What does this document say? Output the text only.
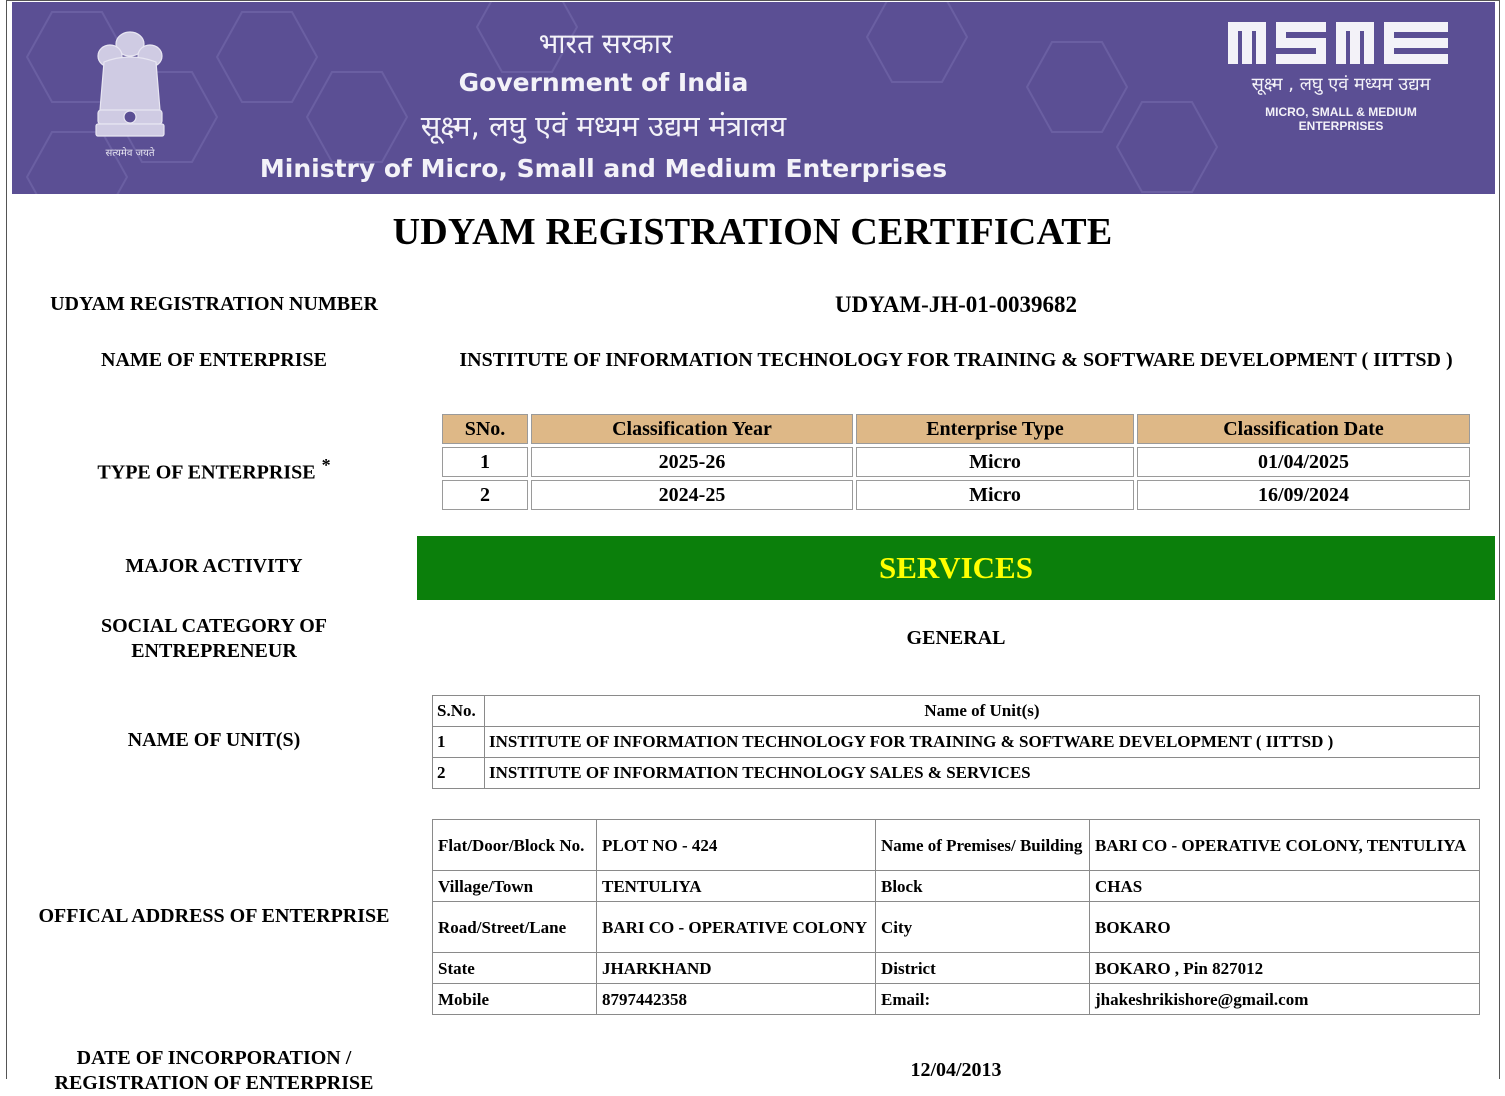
सत्यमेव जयते
भारत सरकार
Government of India
सूक्ष्म, लघु एवं मध्यम उद्यम मंत्रालय
Ministry of Micro, Small and Medium Enterprises
सूक्ष्म , लघु एवं मध्यम उद्यम
MICRO, SMALL & MEDIUM ENTERPRISES
UDYAM REGISTRATION CERTIFICATE
UDYAM REGISTRATION NUMBER	UDYAM-JH-01-0039682
NAME OF ENTERPRISE	INSTITUTE OF INFORMATION TECHNOLOGY FOR TRAINING & SOFTWARE DEVELOPMENT ( IITTSD )
TYPE OF ENTERPRISE *
SNo.	Classification Year	Enterprise Type	Classification Date
1	2025-26	Micro	01/04/2025
2	2024-25	Micro	16/09/2024
MAJOR ACTIVITY	SERVICES
SOCIAL CATEGORY OF
ENTREPRENEUR
GENERAL
NAME OF UNIT(S)
S.No.	Name of Unit(s)
1	INSTITUTE OF INFORMATION TECHNOLOGY FOR TRAINING & SOFTWARE DEVELOPMENT ( IITTSD )
2	INSTITUTE OF INFORMATION TECHNOLOGY SALES & SERVICES
OFFICAL ADDRESS OF ENTERPRISE
Flat/Door/Block No.	PLOT NO - 424	Name of Premises/ Building	BARI CO - OPERATIVE COLONY, TENTULIYA
Village/Town	TENTULIYA	Block	CHAS
Road/Street/Lane	BARI CO - OPERATIVE COLONY	City	BOKARO
State	JHARKHAND	District	BOKARO , Pin 827012
Mobile	8797442358	Email:	jhakeshrikishore@gmail.com
DATE OF INCORPORATION /
REGISTRATION OF ENTERPRISE
12/04/2013
